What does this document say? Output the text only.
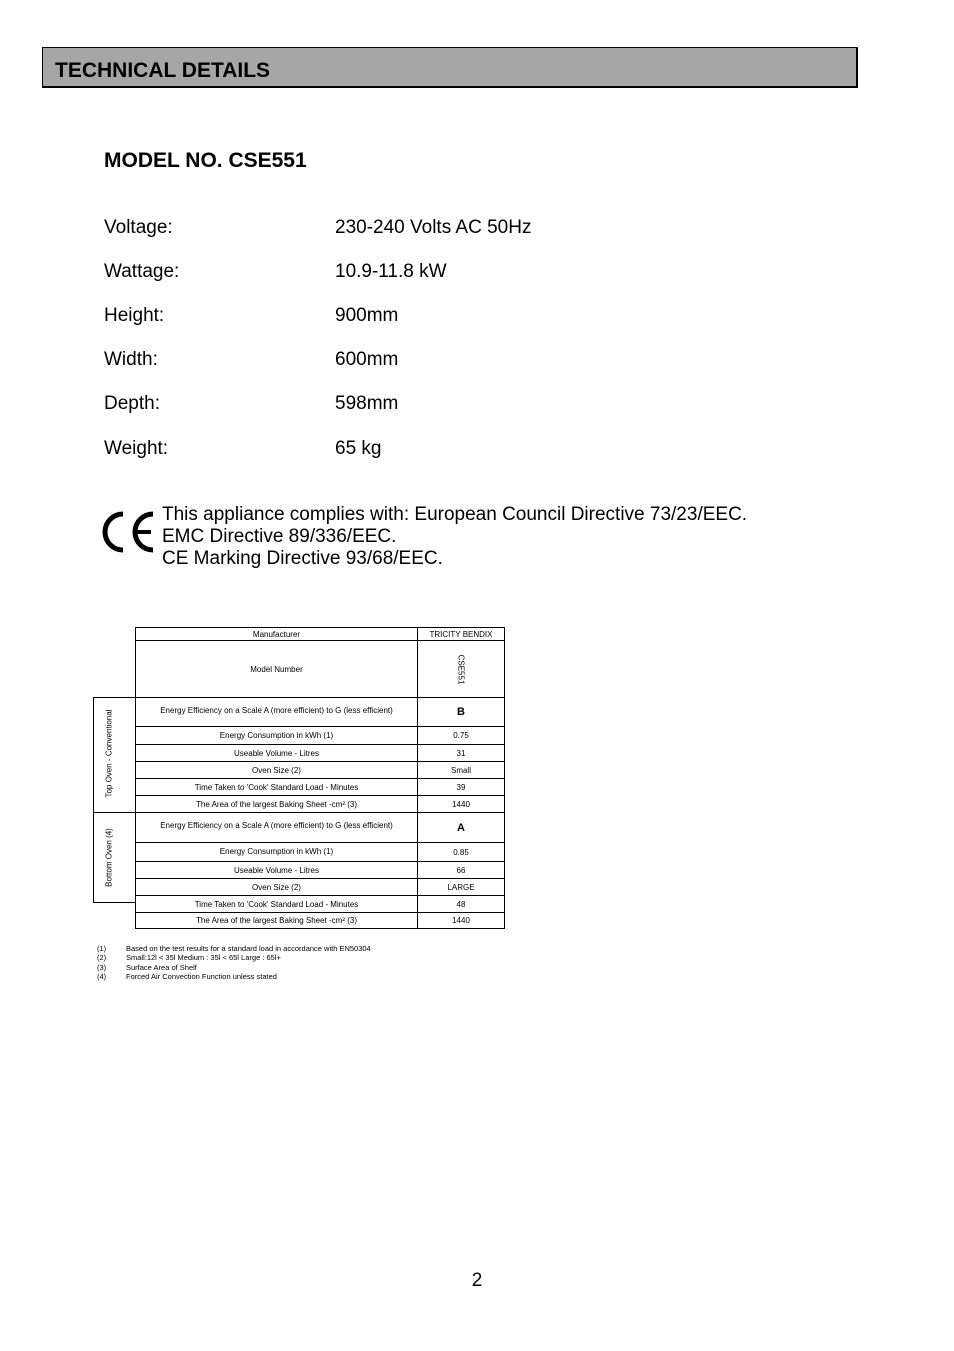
TECHNICAL DETAILS
MODEL NO. CSE551
Voltage:	230-240 Volts AC 50Hz
Wattage:	10.9-11.8 kW
Height:	900mm
Width:	600mm
Depth:	598mm
Weight:	65 kg
This appliance complies with: European Council Directive 73/23/EEC.
EMC Directive 89/336/EEC.
CE Marking Directive 93/68/EEC.
Manufacturer	TRICITY BENDIX
Model Number	CSE551
Top Oven - Conventional	Energy Efficiency on a Scale A (more efficient) to G (less efficient)	B
Energy Consumption in kWh (1)	0.75
Useable Volume - Litres	31
Oven Size (2)	Small
Time Taken to 'Cook' Standard Load - Minutes	39
The Area of the largest Baking Sheet -cm² (3)	1440
Bottom Oven (4)
Energy Efficiency on a Scale A (more efficient) to G (less efficient)	A
Energy Consumption in kWh (1)	0.85
Useable Volume - Litres	66
Oven Size (2)	LARGE
Time Taken to 'Cook' Standard Load - Minutes	48
The Area of the largest Baking Sheet -cm² (3)	1440
(1)	Based on the test results for a standard load in accordance with EN50304
(2)	Small:12l < 35l Medium : 35l < 65l Large : 65l+
(3)	Surface Area of Shelf
(4)	Forced Air Convection Function unless stated
2
